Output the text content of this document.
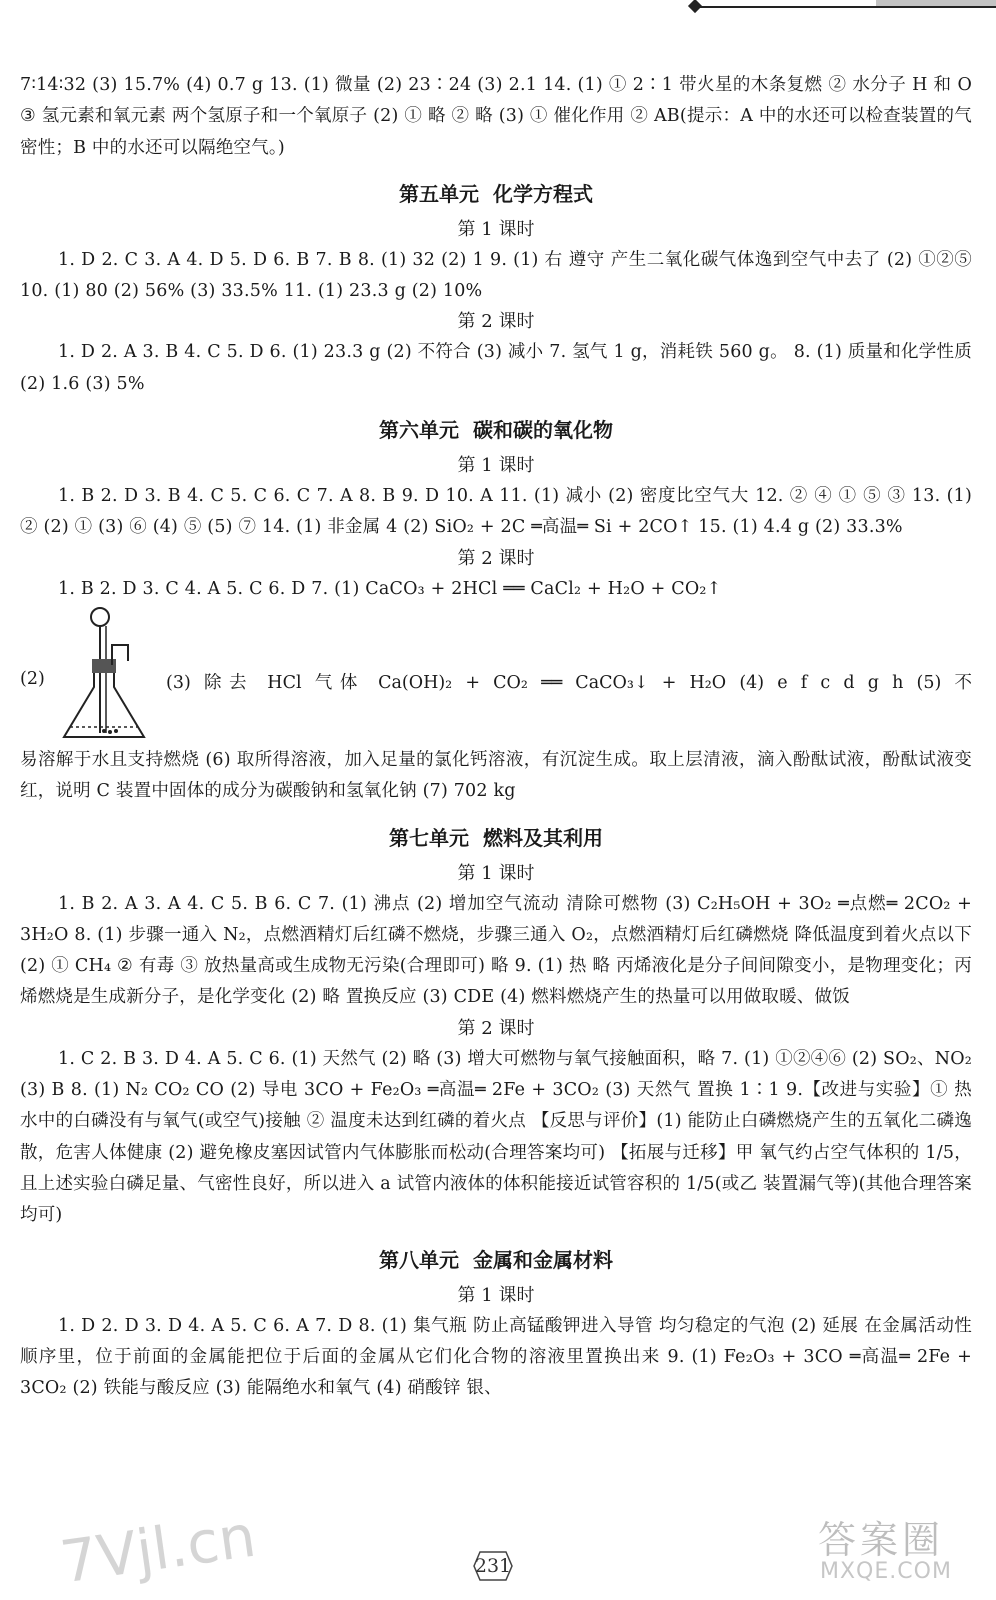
7∶14∶32 (3) 15.7% (4) 0.7 g 13. (1) 微量 (2) 23∶24 (3) 2.1 14. (1) ① 2∶1 带火星的木条复燃 ② 水分子 H 和 O ③ 氢元素和氧元素 两个氢原子和一个氧原子 (2) ① 略 ② 略 (3) ① 催化作用 ② AB(提示：A 中的水还可以检查装置的气密性；B 中的水还可以隔绝空气。)

第五单元 化学方程式

第 1 课时

1. D 2. C 3. A 4. D 5. D 6. B 7. B 8. (1) 32 (2) 1 9. (1) 右 遵守 产生二氧化碳气体逸到空气中去了 (2) ①②⑤ 10. (1) 80 (2) 56% (3) 33.5% 11. (1) 23.3 g (2) 10%

第 2 课时

1. D 2. A 3. B 4. C 5. D 6. (1) 23.3 g (2) 不符合 (3) 减小 7. 氢气 1 g，消耗铁 560 g。 8. (1) 质量和化学性质 (2) 1.6 (3) 5%

第六单元 碳和碳的氧化物

第 1 课时

1. B 2. D 3. B 4. C 5. C 6. C 7. A 8. B 9. D 10. A 11. (1) 减小 (2) 密度比空气大 12. ② ④ ① ⑤ ③ 13. (1) ② (2) ① (3) ⑥ (4) ⑤ (5) ⑦ 14. (1) 非金属 4 (2) SiO₂ + 2C ═高温═ Si + 2CO↑ 15. (1) 4.4 g (2) 33.3%

第 2 课时

1. B 2. D 3. C 4. A 5. C 6. D 7. (1) CaCO₃ + 2HCl ══ CaCl₂ + H₂O + CO₂↑

(2)	(3) 除去 HCl 气体 Ca(OH)₂ + CO₂ ══ CaCO₃↓ + H₂O (4) e f c d g h (5) 不

易溶解于水且支持燃烧 (6) 取所得溶液，加入足量的氯化钙溶液，有沉淀生成。取上层清液，滴入酚酞试液，酚酞试液变红，说明 C 装置中固体的成分为碳酸钠和氢氧化钠 (7) 702 kg

第七单元 燃料及其利用

第 1 课时

1. B 2. A 3. A 4. C 5. B 6. C 7. (1) 沸点 (2) 增加空气流动 清除可燃物 (3) C₂H₅OH + 3O₂ ═点燃═ 2CO₂ + 3H₂O 8. (1) 步骤一通入 N₂，点燃酒精灯后红磷不燃烧，步骤三通入 O₂，点燃酒精灯后红磷燃烧 降低温度到着火点以下 (2) ① CH₄ ② 有毒 ③ 放热量高或生成物无污染(合理即可) 略 9. (1) 热 略 丙烯液化是分子间间隙变小，是物理变化；丙烯燃烧是生成新分子，是化学变化 (2) 略 置换反应 (3) CDE (4) 燃料燃烧产生的热量可以用做取暖、做饭

第 2 课时

1. C 2. B 3. D 4. A 5. C 6. (1) 天然气 (2) 略 (3) 增大可燃物与氧气接触面积，略 7. (1) ①②④⑥ (2) SO₂、NO₂ (3) B 8. (1) N₂ CO₂ CO (2) 导电 3CO + Fe₂O₃ ═高温═ 2Fe + 3CO₂ (3) 天然气 置换 1∶1 9.【改进与实验】① 热水中的白磷没有与氧气(或空气)接触 ② 温度未达到红磷的着火点 【反思与评价】(1) 能防止白磷燃烧产生的五氧化二磷逸散，危害人体健康 (2) 避免橡皮塞因试管内气体膨胀而松动(合理答案均可) 【拓展与迁移】甲 氧气约占空气体积的 1/5，且上述实验白磷足量、气密性良好，所以进入 a 试管内液体的体积能接近试管容积的 1/5(或乙 装置漏气等)(其他合理答案均可)

第八单元 金属和金属材料

第 1 课时

1. D 2. D 3. D 4. A 5. C 6. A 7. D 8. (1) 集气瓶 防止高锰酸钾进入导管 均匀稳定的气泡 (2) 延展 在金属活动性顺序里，位于前面的金属能把位于后面的金属从它们化合物的溶液里置换出来 9. (1) Fe₂O₃ + 3CO ═高温═ 2Fe + 3CO₂ (2) 铁能与酸反应 (3) 能隔绝水和氧气 (4) 硝酸锌 银、

7Vjl.cn	231
答案圈
MXQE.COM
